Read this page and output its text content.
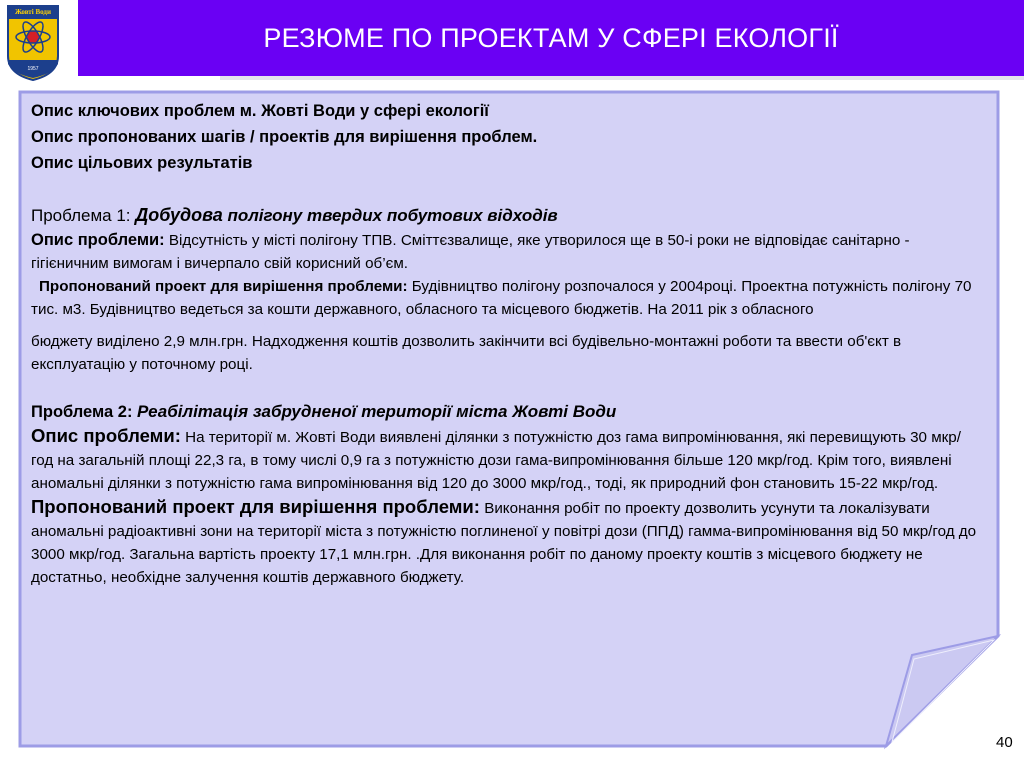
РЕЗЮМЕ ПО ПРОЕКТАМ У СФЕРІ ЕКОЛОГІЇ
Жовті Води
1957

Опис ключових проблем м. Жовті Води у сфері екології

Опис пропонованих шагів / проектів для вирішення проблем.

Опис цільових результатів

Проблема 1: Добудова полігону твердих побутових відходів

Опис проблеми: Відсутність у місті полігону ТПВ. Сміттєзвалище, яке утворилося ще в 50-і роки не відповідає санітарно - гігієничним вимогам і вичерпало свій корисний об’єм.

Пропонований проект для вирішення проблеми: Будівництво полігону розпочалося у 2004році. Проектна потужність полігону 70 тис. м3. Будівництво ведеться за кошти державного, обласного та місцевого бюджетів. На 2011 рік з обласного

бюджету виділено 2,9 млн.грн. Надходження коштів дозволить закінчити всі будівельно-монтажні роботи та ввести об'єкт в експлуатацію у поточному році.

Проблема 2: Реабілітація забрудненої території міста Жовті Води

Опис проблеми: На території м. Жовті Води виявлені ділянки з потужністю доз гама випромінювання, які перевищують 30 мкр/год на загальній площі 22,3 га, в тому числі 0,9 га з потужністю дози гама-випромінювання більше 120 мкр/год. Крім того, виявлені аномальні ділянки з потужністю гама випромінювання від 120 до 3000 мкр/год., тоді, як природний фон становить 15-22 мкр/год.

Пропонований проект для вирішення проблеми: Виконання робіт по проекту дозволить усунути та локалізувати аномальні радіоактивні зони на території міста з потужністю поглиненої у повітрі дози (ППД) гамма-випромінювання від 50 мкр/год до 3000 мкр/год. Загальна вартість проекту 17,1 млн.грн. .Для виконання робіт по даному проекту коштів з місцевого бюджету не достатньо, необхідне залучення коштів державного бюджету.

40
